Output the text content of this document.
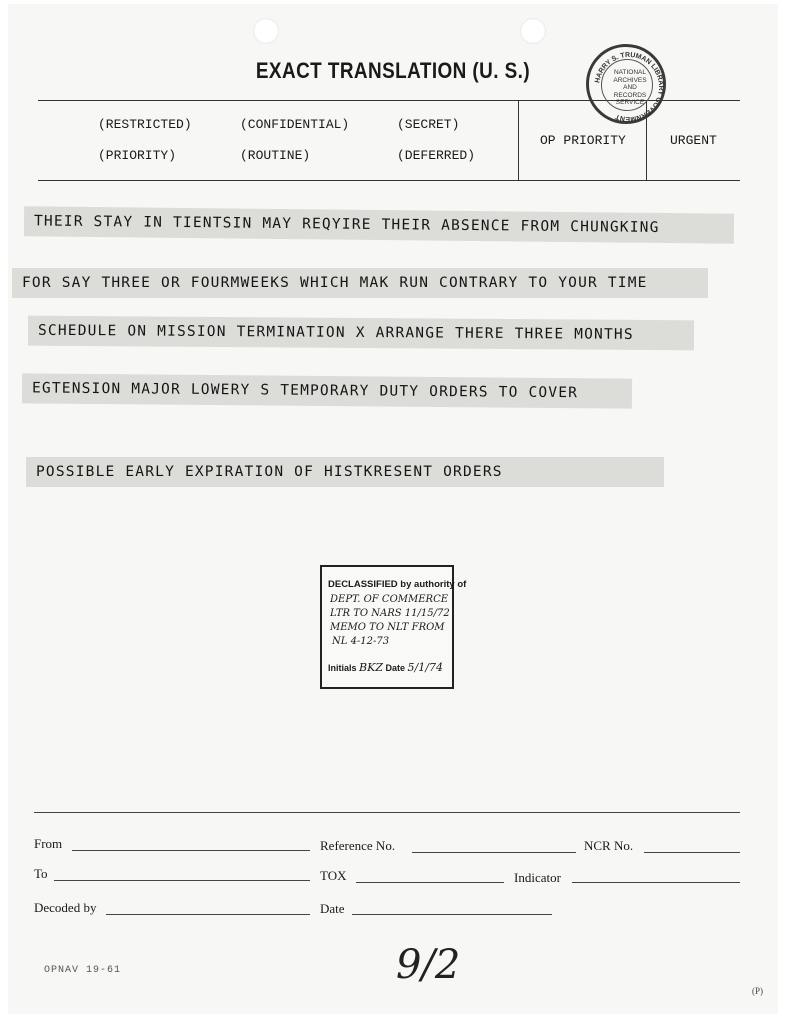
EXACT TRANSLATION (U. S.)
(RESTRICTED)	(CONFIDENTIAL)	(SECRET)
(PRIORITY)	(ROUTINE)	(DEFERRED)
OP PRIORITY	URGENT
HARRY S. TRUMAN LIBRARY GOVERNMENT
NATIONAL
ARCHIVES AND
RECORDS
SERVICE
THEIR STAY IN TIENTSIN MAY REQYIRE THEIR ABSENCE FROM CHUNGKING
FOR SAY THREE OR FOURMWEEKS WHICH MAK RUN CONTRARY TO YOUR TIME
SCHEDULE ON MISSION TERMINATION X ARRANGE THERE THREE MONTHS
EGTENSION MAJOR LOWERY S TEMPORARY DUTY ORDERS TO COVER
POSSIBLE EARLY EXPIRATION OF HISTKRESENT ORDERS
DECLASSIFIED by authority of
DEPT. OF COMMERCE
LTR TO NARS 11/15/72
MEMO TO NLT FROM
NL 4-12-73
Initials BKZ Date 5/1/74
From	Reference No.	NCR No.
To	TOX	Indicator
Decoded by	Date
9/2
OPNAV 19-61
(P)
